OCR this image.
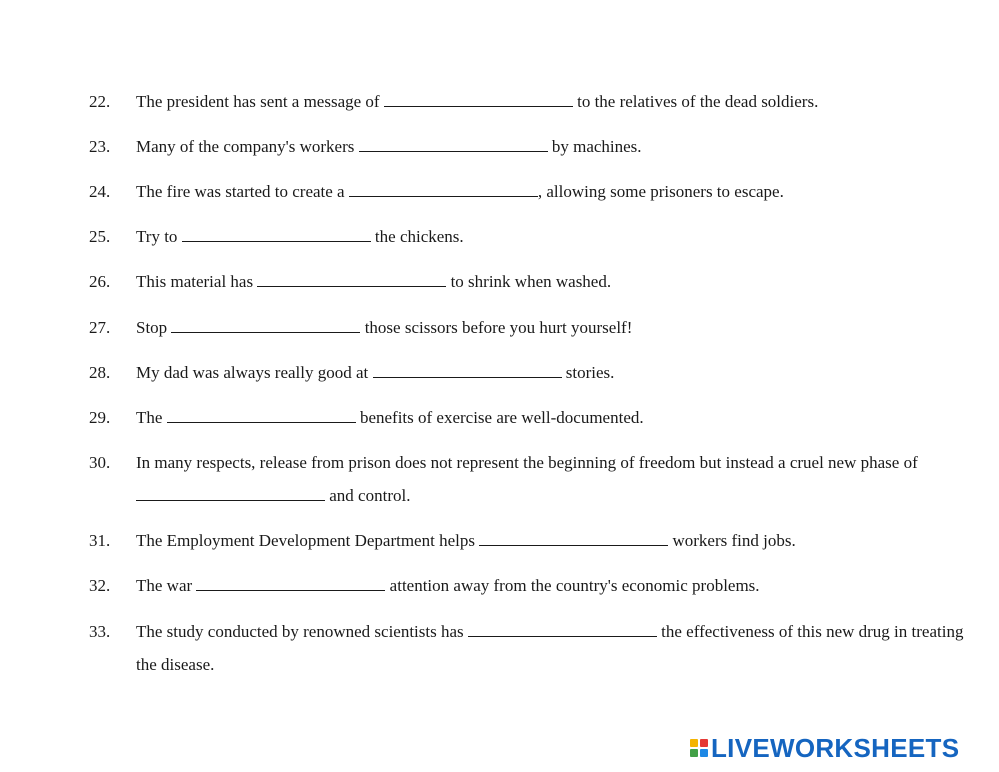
22.	The president has sent a message of	to the relatives of the dead soldiers.
23.	Many of the company's workers	by machines.
24.	The fire was started to create a	, allowing some prisoners to escape.
25.	Try to	the chickens.
26.	This material has	to shrink when washed.
27.	Stop	those scissors before you hurt yourself!
28.	My dad was always really good at	stories.
29.	The	benefits of exercise are well-documented.
30.	In many respects, release from prison does not represent the beginning of freedom but instead a cruel new phase of  and control.
31.	The Employment Development Department helps	workers find jobs.
32.	The war	attention away from the country's economic problems.
33.	The study conducted by renowned scientists has	the effectiveness of this new drug in treating the disease.
LIVEWORKSHEETS
